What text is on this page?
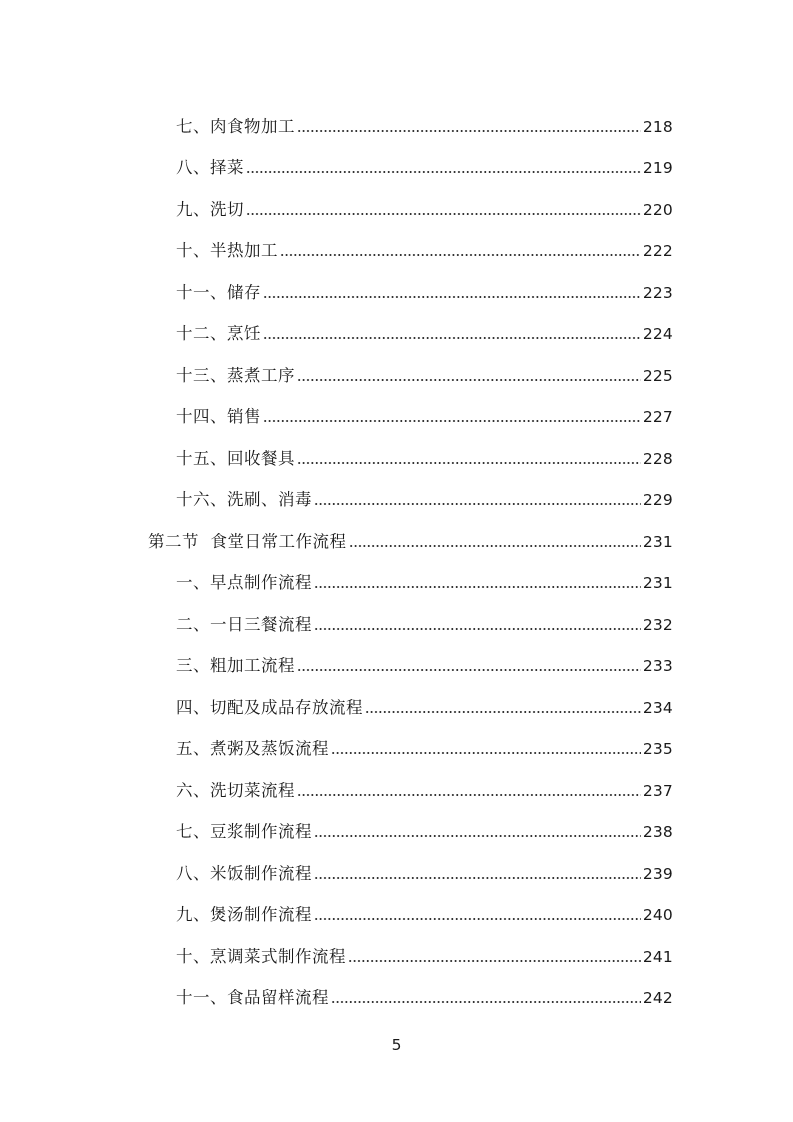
七、肉食物加工	218
八、择菜	219
九、洗切	220
十、半热加工	222
十一、储存	223
十二、烹饪	224
十三、蒸煮工序	225
十四、销售	227
十五、回收餐具	228
十六、洗刷、消毒	229
第二节  食堂日常工作流程	231
一、早点制作流程	231
二、一日三餐流程	232
三、粗加工流程	233
四、切配及成品存放流程	234
五、煮粥及蒸饭流程	235
六、洗切菜流程	237
七、豆浆制作流程	238
八、米饭制作流程	239
九、煲汤制作流程	240
十、烹调菜式制作流程	241
十一、食品留样流程	242
5
